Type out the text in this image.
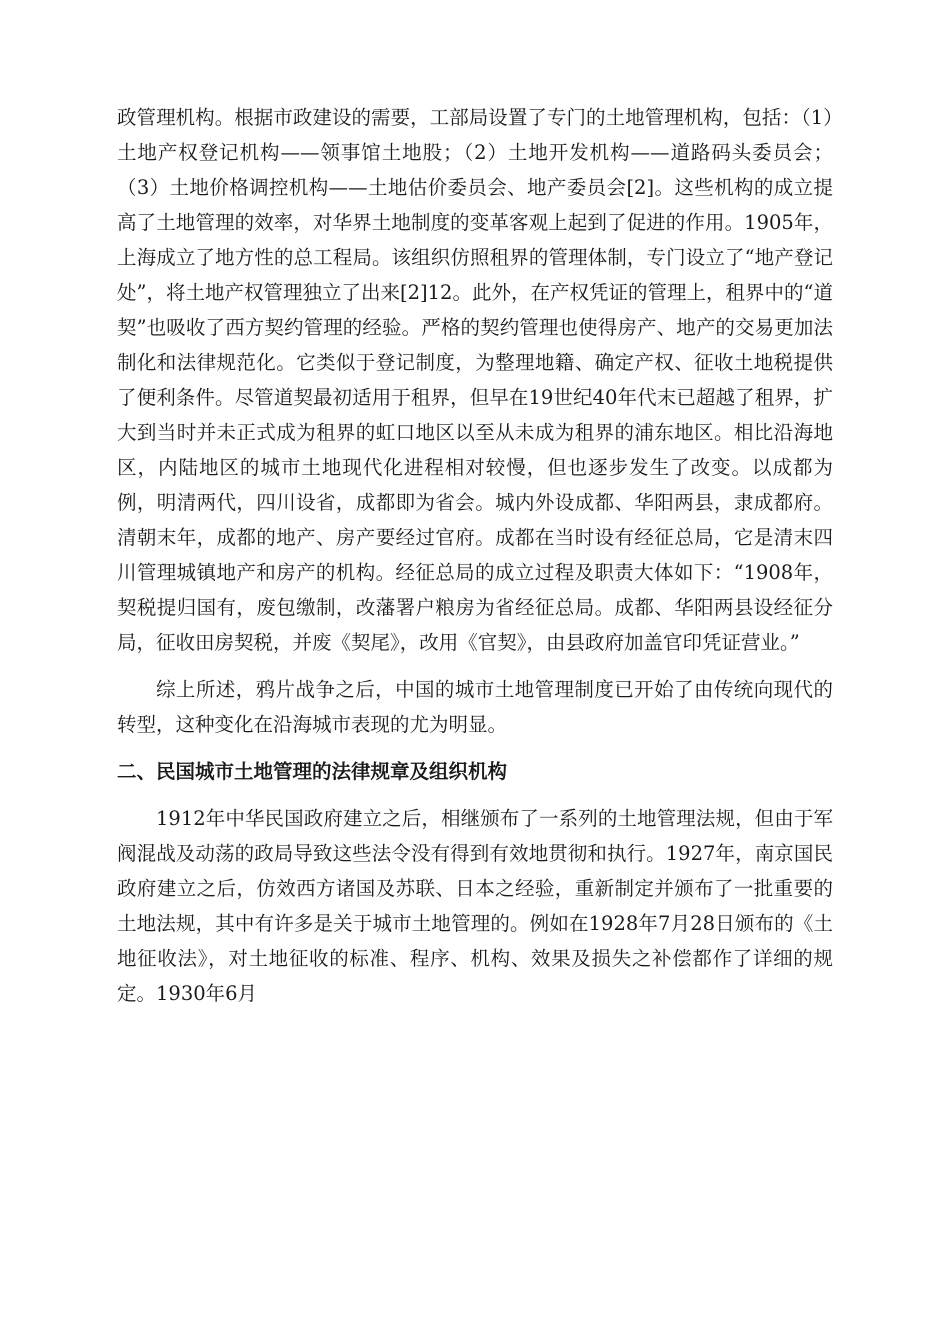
政管理机构。根据市政建设的需要，工部局设置了专门的土地管理机构，包括：（1）土地产权登记机构——领事馆土地股；（2）土地开发机构——道路码头委员会；（3）土地价格调控机构——土地估价委员会、地产委员会[2]。这些机构的成立提高了土地管理的效率，对华界土地制度的变革客观上起到了促进的作用。1905年，上海成立了地方性的总工程局。该组织仿照租界的管理体制，专门设立了“地产登记处”，将土地产权管理独立了出来[2]12。此外，在产权凭证的管理上，租界中的“道契”也吸收了西方契约管理的经验。严格的契约管理也使得房产、地产的交易更加法制化和法律规范化。它类似于登记制度，为整理地籍、确定产权、征收土地税提供了便利条件。尽管道契最初适用于租界，但早在19世纪40年代末已超越了租界，扩大到当时并未正式成为租界的虹口地区以至从未成为租界的浦东地区。相比沿海地区，内陆地区的城市土地现代化进程相对较慢，但也逐步发生了改变。以成都为例，明清两代，四川设省，成都即为省会。城内外设成都、华阳两县，隶成都府。清朝末年，成都的地产、房产要经过官府。成都在当时设有经征总局，它是清末四川管理城镇地产和房产的机构。经征总局的成立过程及职责大体如下：“1908年，契税提归国有，废包缴制，改藩署户粮房为省经征总局。成都、华阳两县设经征分局，征收田房契税，并废《契尾》，改用《官契》，由县政府加盖官印凭证营业。”

综上所述，鸦片战争之后，中国的城市土地管理制度已开始了由传统向现代的转型，这种变化在沿海城市表现的尤为明显。

二、民国城市土地管理的法律规章及组织机构

1912年中华民国政府建立之后，相继颁布了一系列的土地管理法规，但由于军阀混战及动荡的政局导致这些法令没有得到有效地贯彻和执行。1927年，南京国民政府建立之后，仿效西方诸国及苏联、日本之经验，重新制定并颁布了一批重要的土地法规，其中有许多是关于城市土地管理的。例如在1928年7月28日颁布的《土地征收法》，对土地征收的标准、程序、机构、效果及损失之补偿都作了详细的规定。1930年6月
